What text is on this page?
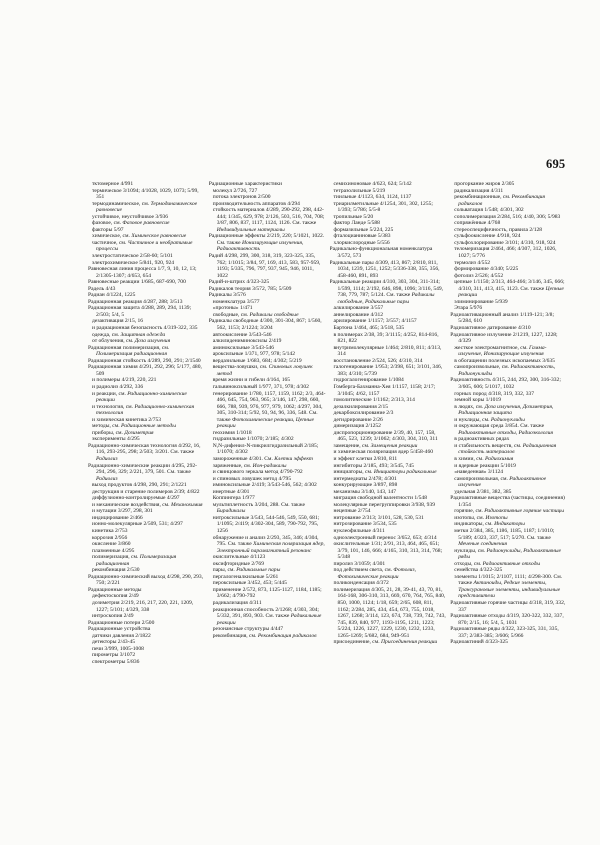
695
тктомерное 4/991
термическое 3/1094; 4/1028, 1029, 1073; 5/99, 351
термодинамическое, см. Термодинамическое равновесие
устойчивое, неустойчивое 3/936
фазовое, см. Фазовое равновесие
факторы 5/97
химическое, см. Химическое равновесие
частичное, см. Частичное и необратимые процессы
электростатическое 2/58-60; 5/101
электрохимическое 5/841, 920, 924
Равновесная линия процесса 1/7, 9, 10, 12, 13; 2/1305-1307; 4/653, 654
Равновесные реакции 1/685, 687-690, 700
Радель 4/43
Радиан 4/1224, 1225
Радиационная реакция 4/287, 288; 3/513
Радиационная защита 4/288, 289, 294, 1139; 2/503; 5/4, 5
дезактивация 2/15, 16
и радиационная безопасность 4/319-322, 335
одежда, см. Защитная одежда
от облучения, см. Доза излучения
Радиационная полимеризация, см. Полимеризация радиационная
Радиационная стойкость 4/289, 290, 291; 2/1540
Радиационная химия 4/291, 292, 296; 5/177, 480, 509
и полимеры 4/219, 220, 221
и радиолиз 4/292, 336
и реакции, см. Радиационно-химические реакции
и технология, см. Радиационно-химическая технология
и химическая кинетика 2/753
методы, см. Радиационные методы
приборы, см. Дозиметрия
эксперименты 4/295
Радиационно-химическая технология 4/292, 16, 116, 293-295, 298; 2/503; 3/201. См. также Радиолиз
Радиационно-химические реакции 4/295, 292-294, 296, 329; 2/221, 379, 501. См. также Радиолиз
выход продуктов 4/298, 290, 291; 2/1221
деструкция и старение полимеров 2/39; 4/822
диффузионно-контролируемые 4/297
и механические воздействия, см. Механохимия
и мутации 3/297, 298, 301
индицирование 2/466
ионно-молекулярные 2/509, 531; 4/297
кинетика 2/753
коррозия 2/956
окисление 3/860
плазменные 4/295
полимеризация, см. Полимеризация радиационная
рекомбинация 2/530
Радиационно-химический выход 4/298, 290, 293, 750; 2/221
Радиационные методы
дефектоскопия 2/49
дозиметрия 2/219, 216, 217, 220, 221, 1209, 1227; 5/101; 4/329, 338
интроскопия 2/49
Радиационные потери 2/500
Радиационные устройства
датчики давления 2/1822
детекторы 2/43-45
печи 3/999, 1005-1008
пирометры 3/1072
спектрометры 5/836
Радиационные характеристики
молекул 2/726, 727
потока электронов 2/500
производительность аппаратов 4/294
стойкость материалов 4/289, 290-292, 298, 442-444; 1/345, 629, 978; 2/126, 503, 516, 704, 708; 3/87, 806, 837, 1117, 1124, 1126. См. также Индивидуальные материалы
Радиационные эффекты 2/219, 220; 5/1021, 1022. См. также Ионизирующие излучения, Радиоактивность
Радий 4/298, 299, 300, 318, 319, 323-325, 335, 762; 1/1015; 3/84, 97, 169, 413, 583, 957-959, 1193; 5/335, 796, 797, 937, 945, 946, 1011, 1022
Радий-и-штрих 4/323-325
Радикалов теория 3/572, 785; 5/509
Радикалы 3/576
номенклатура 3/577
«протоны» 1/471
свободные, см. Радикалы свободные
Радикалы свободные 4/300, 301-304, 867; 1/560, 562, 1153; 2/1224; 3/204
автоокисление 3/543-546
алкилидениминоксилы 2/419
аминоксильные 3/543-546
ароксильные 1/371, 977, 978; 5/142
вердазильные 1/683, 684; 4/302; 5/219
вещества-ловушки, см. Спиновых ловушек метод
время жизни и гибели 4/164, 165
гальвиноксильный 1/977, 371, 978; 4/302
генерирование 1/780, 1157, 1159, 1162; 2/3, 464-466, 645, 754, 963, 965; 3/146, 147, 298, 660, 666, 788, 939, 976, 977, 979, 1062; 4/297, 304, 305, 310-314; 5/92, 93, 94, 96, 336, 548. См. также Фотохимические реакции, Цепные реакции
геохимия 1/1018
гидразильные 1/1070; 2/185; 4/302
N,N-дифенил-N-пикрилгидразильный 2/185; 1/1070; 4/302
замороженные 4/301. См. Клетки эффект
заряженные, см. Ион-радикалы
и свинцового зеркала метод 4/790-792
и спиновых ловушек метод 4/795
иминоксильные 2/419; 3/543-546, 562; 4/302
инертные 4/301
Коппингера 1/977
мультиплетность 3/204, 288. См. также Бирадикалы
нитроксильные 3/543, 544-546, 549, 550, 681; 1/1095; 2/419; 4/302-304, 589, 790-792, 795, 1256
обнаружение и анализ 2/293, 345, 346; 4/304, 795. См. также Химическая поляризация ядер, Электронный парамагнитный резонанс
окислительные 4/1123
оксифторидные 2/769
пары, см. Радикальные пары
пергалогеналкильные 5/261
пероксильные 3/452, 453; 5/445
применение 2/572, 873, 1125-1127, 1184, 1185; 3/662; 4/790-792
радикализация 4/311
реакционная способность 2/1268; 4/303, 304; 5/332, 391, 893, 903. См. также Радикальные реакции
резонансные структуры 4/447
рекомбинация, см. Рекомбинация радикалов
семихиноновые 4/623, 624; 5/142
тетразолильные 5/219
тиильные 4/1123, 634, 1124, 1137
триарилметильные 4/1254, 301, 302, 1255; 1/393; 5/786; 5/5-8
тропильные 5/20
фактор Ланде 5/588
формазильные 5/224, 225
фталоцианиновые 5/383
хлоркислородные 5/556
Радикально-функциональная номенклатура 3/572, 573
Радикальные пары 4/309, 413, 867; 2/810, 811, 1034, 1239, 1251, 1252; 5/336-338, 355, 356, 458-460, 891, 893
Радикальные реакции 4/310, 303, 304, 311-314; 1/599, 1114; 2/192, 646, 898, 1096; 3/116, 549, 738, 779, 787; 5/124. См. также Радикалы свободные, Радикальные пары
алкилирование 3/557
аннелирование 4/312
арилирование 1/1157; 3/557; 4/1157
Бартона 1/464, 465; 3/518, 535
в полимерах 2/38, 39; 3/1115; 4/252, 814-816, 821, 822
внутримолекулярные 1/464; 2/810, 811; 4/313, 314
восстановление 2/524, 526; 4/310, 314
галогенирование 1/953; 2/398, 651; 3/101, 346, 383; 4/310; 5/739
гидрогалогенирование 1/1084
Гомберга-Бахманна-Хея 1/1157, 1158; 2/17; 3/1045; 4/62, 1157
гомолитические 1/1162; 2/313, 314
дезалкилирования 2/15
декарбоксилирование 2/3
дегидрирование 2/26
димеризация 2/1252
диспропорционирование 2/39, 40, 157, 158, 465, 523, 1239; 3/1062; 4/303, 304, 310, 311
замещение, см. Замещения реакции
и химическая поляризация ядер 5/458-460
и эффект клетки 2/810, 811
ингибиторы 2/185, 493; 3/545, 745
инициаторы, см. Инициаторы радикальные
интермедиаты 2/478; 4/301
конкурирующие 3/897, 898
механизмы 3/140, 143, 147
миграция свободной валентности 1/548
молекулярные перегруппировки 3/938, 939
нецепные 2/754
нитрование 2/313; 3/101, 528, 530, 531
нитрозирование 3/534, 535
нуклеофильные 4/311
одноэлектронный перенос 3/652, 653; 4/314
окислительные 1/31; 2/91, 313, 464, 465, 651; 3/79, 101, 146, 666; 4/165, 310, 313, 314, 768; 5/348
пиролиз 3/1059; 4/301
под действием света, см. Фотолиз, Фотохимические реакции
поликонденсация 4/372
полимеризация 4/305, 21, 28, 39-41, 43, 70, 81, 164-168, 306-310, 313, 669, 670, 764, 765, 840, 850, 1000, 1124; 1/18, 659; 2/65, 608, 811, 1162; 2/284, 285, 434, 454, 673, 755, 1018, 1267, 1268; 3/114, 123, 674, 738, 739, 742, 743, 745, 839, 840, 977, 1193-1195, 1211, 1223; 5/224, 1226, 1227, 1229, 1230, 1232, 1233, 1265-1269; 5/682, 684, 949-951
присоединение, см. Присоединения реакции
прогоркание жиров 2/305
радикализация 4/311
рекомбинационные, см. Рекомбинация радикалов
сольватация 1/548; 4/301, 302
сополимеризация 2/284, 516; 4/40, 306; 5/983
сопряжённые 4/768
стереоспецифичность, правила 2/128
сульфоокисление 4/918, 924
сульфохлорирование 3/101; 4/310, 918, 924
теломеризация 2/464, 466; 4/307, 312, 1026, 1027; 5/776
термолиз 4/552
формирование 4/340; 5/225
фотолиз 2/526; 4/552
цепные 1/1150; 2/313, 464-466; 3/146, 345, 666; 4/310, 311, 413, 415, 1123. См. также Цепные реакции
элиминирование 5/939
Этара 5/976
Радиоактивационный анализ 1/119-121; 3/8; 5/284, 610
Радиоактивное датирование 4/310
Радиоактивное излучение 2/1219, 1227, 1228; 4/329
жесткое электромагнитное, см. Гамма-излучение, Ионизирующие излучения
в обогащении полезных ископаемых 3/635
самопроизвольные, см. Радиоактивность, Радионуклиды
Радиоактивность 4/315, 244, 292, 300, 316-332; 3/605, 606; 5/1017, 1032
горных пород 4/318, 319, 332, 337
земной коры 1/1019
в людях, см. Доза излучения, Дозиметрия, Радиационная защита
и нуклиды, см. Радионуклиды
и окружающая среда 3/854. См. также Радиоактивные отходы, Радиоэкология
в радиоактивных рядах
и стабильность веществ, см. Радиационная стойкость материалов
в химии, см. Радиохимия
и ядерные реакции 5/1019
«наведенная» 3/1124
самопроизвольная, см. Радиоактивное излучение
удельная 2/381, 382, 385
Радиоактивные вещества (частицы, соединения) 1/354
горячие, см. Радиоактивные горячие частицы
изотопы, см. Изотопы
индикаторы, см. Индикаторы
метки 2/384, 385, 1186, 1185, 1187; 1/1010; 5/189; 4/323, 337, 517; 5/270. См. также Меченые соединения
нуклиды, см. Радионуклиды, Радиоактивные ряды
отходы, см. Радиоактивные отходы
семейства 4/322-325
элементы 1/1015; 2/1107, 1111; 4/298-300. См. также Актиноиды, Редкие элементы, Трансурановые элементы, индивидуальные представители
Радиоактивные горячие частицы 4/318, 319, 332, 337
Радиоактивные отходы 4/319, 320-322, 332, 337, 870; 2/15, 16; 5/4, 5, 1031
Радиоактивные ряды 4/322, 323-325, 331, 335, 337; 2/383-385; 3/606; 5/966
Радиоактиний 4/323-325
